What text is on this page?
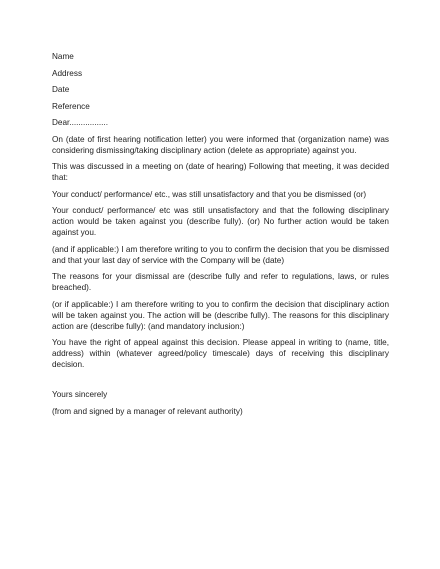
Name
Address
Date
Reference
Dear.................

On (date of first hearing notification letter) you were informed that (organization name) was considering dismissing/taking disciplinary action (delete as appropriate) against you.

This was discussed in a meeting on (date of hearing) Following that meeting, it was decided that:

Your conduct/ performance/ etc., was still unsatisfactory and that you be dismissed (or)

Your conduct/ performance/ etc was still unsatisfactory and that the following disciplinary action would be taken against you (describe fully). (or) No further action would be taken against you.

(and if applicable:) I am therefore writing to you to confirm the decision that you be dismissed and that your last day of service with the Company will be (date)

The reasons for your dismissal are (describe fully and refer to regulations, laws, or rules breached).

(or if applicable:) I am therefore writing to you to confirm the decision that disciplinary action will be taken against you. The action will be (describe fully). The reasons for this disciplinary action are (describe fully): (and mandatory inclusion:)

You have the right of appeal against this decision. Please appeal in writing to (name, title, address) within (whatever agreed/policy timescale) days of receiving this disciplinary decision.

Yours sincerely
(from and signed by a manager of relevant authority)
